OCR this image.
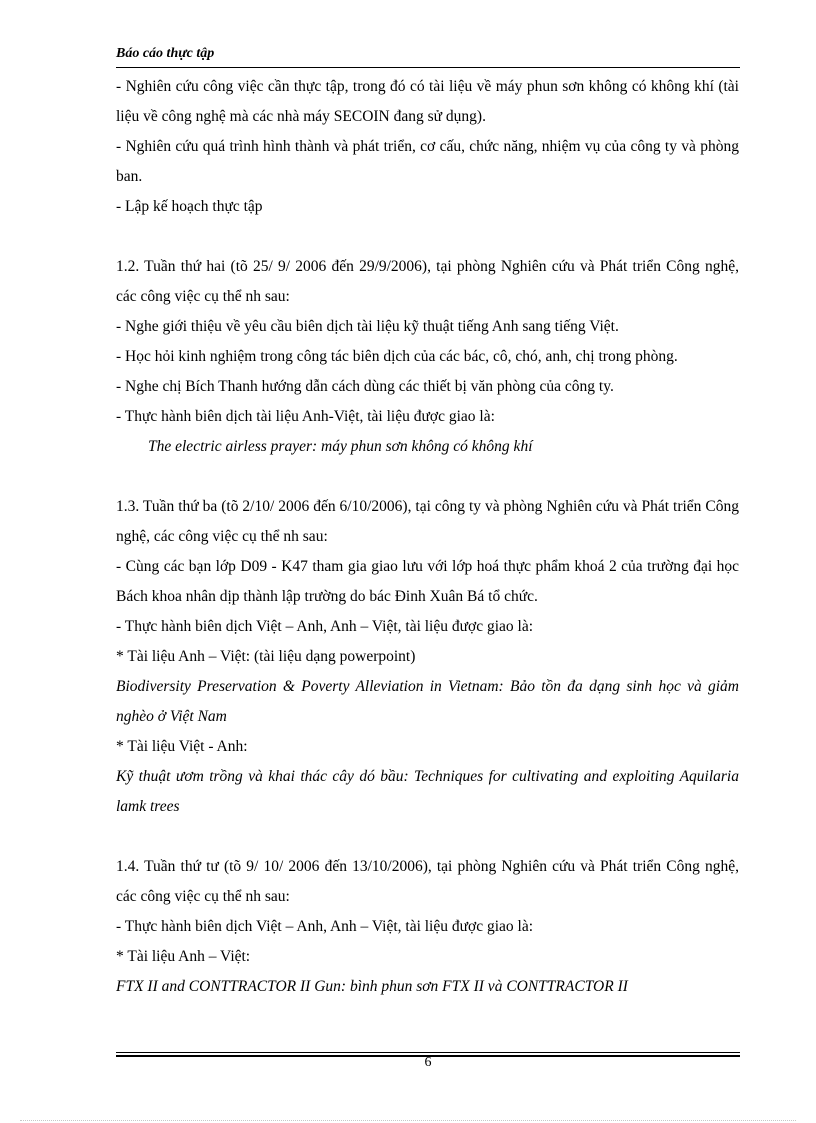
Báo cáo thực tập

- Nghiên cứu công việc cần thực tập, trong đó có tài liệu về máy phun sơn không có không khí (tài liệu về công nghệ mà các nhà máy SECOIN đang sử dụng).

- Nghiên cứu quá trình hình thành và phát triển, cơ cấu, chức năng, nhiệm vụ của công ty và phòng ban.

- Lập kế hoạch thực tập

1.2. Tuần thứ hai (tõ 25/ 9/ 2006 đến 29/9/2006), tại phòng Nghiên cứu và Phát triển Công nghệ, các công việc cụ thể nh sau:

- Nghe giới thiệu về yêu cầu biên dịch tài liệu kỹ thuật tiếng Anh sang tiếng Việt.

- Học hỏi kinh nghiệm trong công tác biên dịch của các bác, cô, chó, anh, chị trong phòng.

- Nghe chị Bích Thanh hướng dẫn cách dùng các thiết bị văn phòng của công ty.

- Thực hành biên dịch tài liệu Anh-Việt, tài liệu được giao là:

The electric airless prayer: máy phun sơn không có không khí

1.3. Tuần thứ ba (tõ 2/10/ 2006 đến 6/10/2006), tại công ty và phòng Nghiên cứu và Phát triển Công nghệ, các công việc cụ thể nh sau:

- Cùng các bạn lớp D09 - K47 tham gia giao lưu với lớp hoá thực phẩm khoá 2 của trường đại học Bách khoa nhân dịp thành lập trường do bác Đinh Xuân Bá tổ chức.

- Thực hành biên dịch Việt – Anh, Anh – Việt, tài liệu được giao là:

* Tài liệu Anh – Việt: (tài liệu dạng powerpoint)

Biodiversity Preservation & Poverty Alleviation in Vietnam: Bảo tồn đa dạng sinh học và giảm nghèo ở Việt Nam

* Tài liệu Việt - Anh:

Kỹ thuật ươm trồng và khai thác cây dó bầu: Techniques for cultivating and exploiting Aquilaria lamk trees

1.4. Tuần thứ tư (tõ 9/ 10/ 2006 đến 13/10/2006), tại phòng Nghiên cứu và Phát triển Công nghệ, các công việc cụ thể nh sau:

- Thực hành biên dịch Việt – Anh, Anh – Việt, tài liệu được giao là:

* Tài liệu Anh – Việt:

FTX II and CONTTRACTOR II Gun: bình phun sơn FTX II và CONTTRACTOR II

6
